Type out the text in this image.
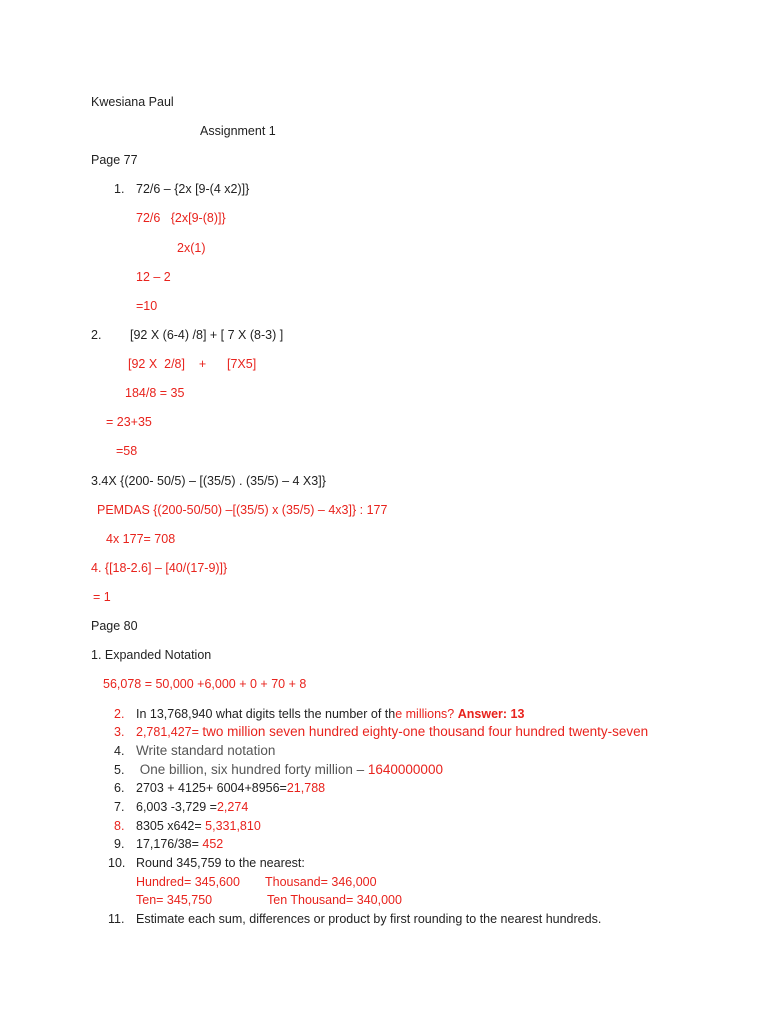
Kwesiana Paul
Assignment 1
Page 77
1. 72/6 – {2x [9-(4 x2)]}
72/6   {2x[9-(8)]}
2x(1)
12 – 2
=10
2. [92 X (6-4) /8] + [ 7 X (8-3) ]
[92 X  2/8]    +      [7X5]
184/8 = 35
= 23+35
=58
3.4X {(200- 50/5) – [(35/5) . (35/5) – 4 X3]}
PEMDAS {(200-50/50) –[(35/5) x (35/5) – 4x3]} : 177
4x 177= 708
4. {[18-2.6] – [40/(17-9)]}
= 1
Page 80
1. Expanded Notation
56,078 = 50,000 +6,000 + 0 + 70 + 8
2. In 13,768,940 what digits tells the number of the millions? Answer: 13
3. 2,781,427= two million seven hundred eighty-one thousand four hundred twenty-seven
4. Write standard notation
5. One billion, six hundred forty million – 1640000000
6. 2703 + 4125+ 6004+8956=21,788
7. 6,003 -3,729 =2,274
8. 8305 x642= 5,331,810
9. 17,176/38= 452
10. Round 345,759 to the nearest:
Hundred= 345,600 Thousand= 346,000
Ten= 345,750	Ten Thousand= 340,000
11. Estimate each sum, differences or product by first rounding to the nearest hundreds.
